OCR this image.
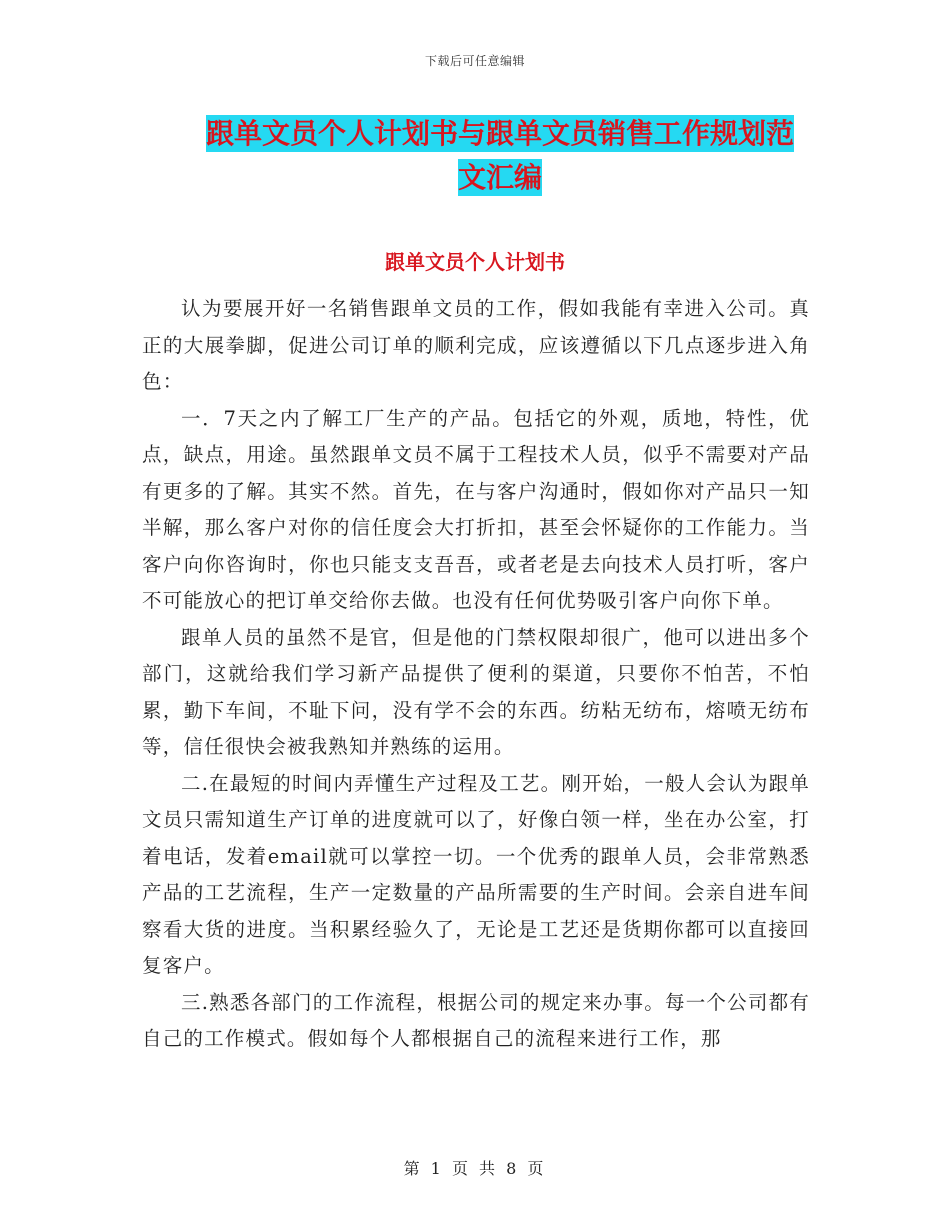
下载后可任意编辑
跟单文员个人计划书与跟单文员销售工作规划范文汇编
跟单文员个人计划书

认为要展开好一名销售跟单文员的工作，假如我能有幸进入公司。真正的大展拳脚，促进公司订单的顺利完成，应该遵循以下几点逐步进入角色：

一．7天之内了解工厂生产的产品。包括它的外观，质地，特性，优点，缺点，用途。虽然跟单文员不属于工程技术人员，似乎不需要对产品有更多的了解。其实不然。首先，在与客户沟通时，假如你对产品只一知半解，那么客户对你的信任度会大打折扣，甚至会怀疑你的工作能力。当客户向你咨询时，你也只能支支吾吾，或者老是去向技术人员打听，客户不可能放心的把订单交给你去做。也没有任何优势吸引客户向你下单。

跟单人员的虽然不是官，但是他的门禁权限却很广，他可以进出多个部门，这就给我们学习新产品提供了便利的渠道，只要你不怕苦，不怕累，勤下车间，不耻下问，没有学不会的东西。纺粘无纺布，熔喷无纺布等，信任很快会被我熟知并熟练的运用。

二.在最短的时间内弄懂生产过程及工艺。刚开始，一般人会认为跟单文员只需知道生产订单的进度就可以了，好像白领一样，坐在办公室，打着电话，发着email就可以掌控一切。一个优秀的跟单人员，会非常熟悉产品的工艺流程，生产一定数量的产品所需要的生产时间。会亲自进车间察看大货的进度。当积累经验久了，无论是工艺还是货期你都可以直接回复客户。

三.熟悉各部门的工作流程，根据公司的规定来办事。每一个公司都有自己的工作模式。假如每个人都根据自己的流程来进行工作，那

第 1 页 共 8 页
